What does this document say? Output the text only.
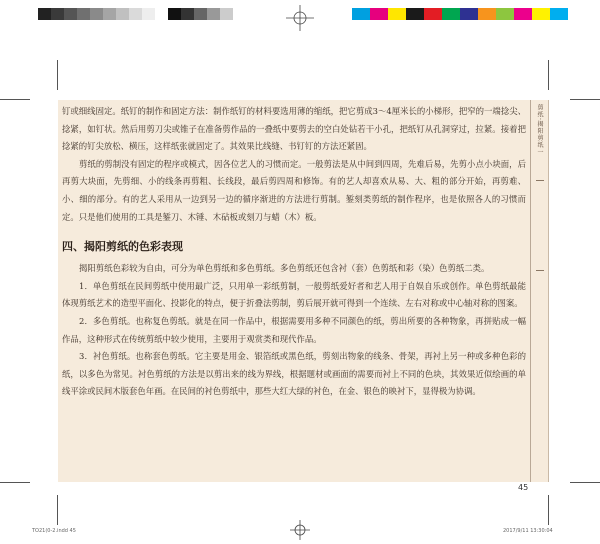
剪纸·揭阳剪纸一

钉或细线固定。纸钉的制作和固定方法：制作纸钉的材料要选用薄的缩纸，把它剪成3～4厘米长的小梯形，把窄的一端捻尖、捻紧，如钉状。然后用剪刀尖或锥子在准备剪作品的一叠纸中要剪去的空白处钻若干小孔，把纸钉从孔洞穿过，拉紧。接着把捻紧的钉尖放松、横压，这样纸张就固定了。其效果比线缝、书钉钉的方法还紧固。

剪纸的剪制没有固定的程序或模式，因各位艺人的习惯而定。一般剪法是从中间到四周，先难后易，先剪小点小块面，后再剪大块面，先剪细、小的线条再剪粗、长线段，最后剪四周和修饰。有的艺人却喜欢从易、大、粗的部分开始，再剪难、小、细的部分。有的艺人采用从一边到另一边的循序渐进的方法进行剪制。錾刻类剪纸的制作程序，也是依照各人的习惯而定。只是他们使用的工具是錾刀、木锤、木砧板或刻刀与蜡（木）板。

四、揭阳剪纸的色彩表现

揭阳剪纸色彩较为自由，可分为单色剪纸和多色剪纸。多色剪纸还包含衬（套）色剪纸和彩（染）色剪纸二类。

1．单色剪纸在民间剪纸中使用最广泛，只用单一彩纸剪制，一般剪纸爱好者和艺人用于自娱自乐或创作。单色剪纸最能体现剪纸艺术的造型平面化、投影化的特点，便于折叠法剪制，剪后展开就可得到一个连续、左右对称或中心轴对称的图案。

2．多色剪纸。也称复色剪纸。就是在同一作品中，根据需要用多种不同颜色的纸，剪出所要的各种物象，再拼贴成一幅作品，这种形式在传统剪纸中较少使用，主要用于观赏类和现代作品。

3．衬色剪纸。也称套色剪纸。它主要是用金、银箔纸或黑色纸，剪刻出物象的线条、骨架，再衬上另一种或多种色彩的纸，以多色为常见。衬色剪纸的方法是以剪出来的线为界线，根据题材或画面的需要而衬上不同的色块，其效果近似绘画的单线平涂或民间木版套色年画。在民间的衬色剪纸中，那些大红大绿的衬色，在金、银色的映衬下，显得极为协调。

45
TO21(0-2.indd 45	2017/9/11 13:30:04
